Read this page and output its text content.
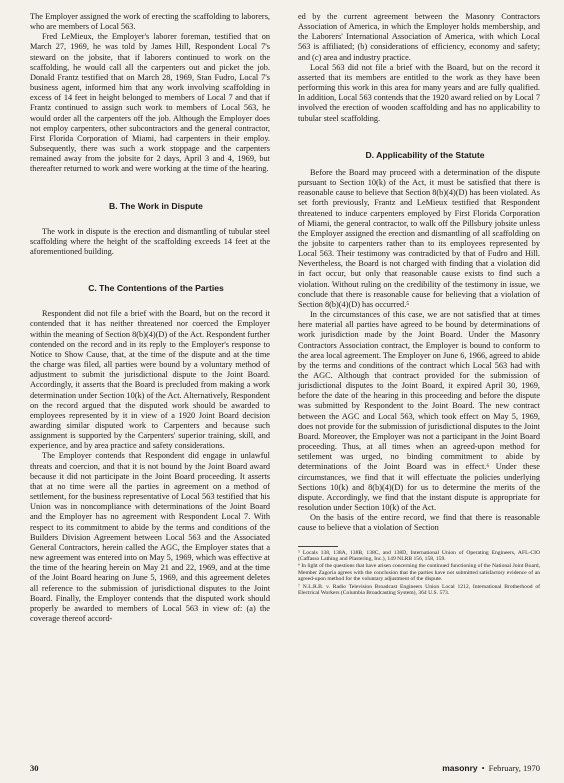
The Employer assigned the work of erecting the scaffolding to laborers, who are members of Local 563.

Fred LeMieux, the Employer's laborer foreman, testified that on March 27, 1969, he was told by James Hill, Respondent Local 7's steward on the jobsite, that if laborers continued to work on the scaffolding, he would call all the carpenters out and picket the job. Donald Frantz testified that on March 28, 1969, Stan Fudro, Local 7's business agent, informed him that any work involving scaffolding in excess of 14 feet in height belonged to members of Local 7 and that if Frantz continued to assign such work to members of Local 563, he would order all the carpenters off the job. Although the Employer does not employ carpenters, other subcontractors and the general contractor, First Florida Corporation of Miami, had carpenters in their employ. Subsequently, there was such a work stoppage and the carpenters remained away from the jobsite for 2 days, April 3 and 4, 1969, but thereafter returned to work and were working at the time of the hearing.

B. The Work in Dispute

The work in dispute is the erection and dismantling of tubular steel scaffolding where the height of the scaffolding exceeds 14 feet at the aforementioned building.

C. The Contentions of the Parties

Respondent did not file a brief with the Board, but on the record it contended that it has neither threatened nor coerced the Employer within the meaning of Section 8(b)(4)(D) of the Act. Respondent further contended on the record and in its reply to the Employer's response to Notice to Show Cause, that, at the time of the dispute and at the time the charge was filed, all parties were bound by a voluntary method of adjustment to submit the jurisdictional dispute to the Joint Board. Accordingly, it asserts that the Board is precluded from making a work determination under Section 10(k) of the Act. Alternatively, Respondent on the record argued that the disputed work should be awarded to employees represented by it in view of a 1920 Joint Board decision awarding similar disputed work to Carpenters and because such assignment is supported by the Carpenters' superior training, skill, and experience, and by area practice and safety considerations.

The Employer contends that Respondent did engage in unlawful threats and coercion, and that it is not bound by the Joint Board award because it did not participate in the Joint Board proceeding. It asserts that at no time were all the parties in agreement on a method of settlement, for the business representative of Local 563 testified that his Union was in noncompliance with determinations of the Joint Board and the Employer has no agreement with Respondent Local 7. With respect to its commitment to abide by the terms and conditions of the Builders Division Agreement between Local 563 and the Associated General Contractors, herein called the AGC, the Employer states that a new agreement was entered into on May 5, 1969, which was effective at the time of the hearing herein on May 21 and 22, 1969, and at the time of the Joint Board hearing on June 5, 1969, and this agreement deletes all reference to the submission of jurisdictional disputes to the Joint Board. Finally, the Employer contends that the disputed work should properly be awarded to members of Local 563 in view of: (a) the coverage thereof accord-

ed by the current agreement between the Masonry Contractors Association of America, in which the Employer holds membership, and the Laborers' International Association of America, with which Local 563 is affiliated; (b) considerations of efficiency, economy and safety; and (c) area and industry practice.

Local 563 did not file a brief with the Board, but on the record it asserted that its members are entitled to the work as they have been performing this work in this area for many years and are fully qualified. In addition, Local 563 contends that the 1920 award relied on by Local 7 involved the erection of wooden scaffolding and has no applicability to tubular steel scaffolding.

D. Applicability of the Statute

Before the Board may proceed with a determination of the dispute pursuant to Section 10(k) of the Act, it must be satisfied that there is reasonable cause to believe that Section 8(b)(4)(D) has been violated. As set forth previously, Frantz and LeMieux testified that Respondent threatened to induce carpenters employed by First Florida Corporation of Miami, the general contractor, to walk off the Pillsbury jobsite unless the Employer assigned the erection and dismantling of all scaffolding on the jobsite to carpenters rather than to its employees represented by Local 563. Their testimony was contradicted by that of Fudro and Hill. Nevertheless, the Board is not charged with finding that a violation did in fact occur, but only that reasonable cause exists to find such a violation. Without ruling on the credibility of the testimony in issue, we conclude that there is reasonable cause for believing that a violation of Section 8(b)(4)(D) has occurred.⁵

In the circumstances of this case, we are not satisfied that at times here material all parties have agreed to be bound by determinations of work jurisdiction made by the Joint Board. Under the Masonry Contractors Association contract, the Employer is bound to conform to the area local agreement. The Employer on June 6, 1966, agreed to abide by the terms and conditions of the contract which Local 563 had with the AGC. Although that contract provided for the submission of jurisdictional disputes to the Joint Board, it expired April 30, 1969, before the date of the hearing in this proceeding and before the dispute was submitted by Respondent to the Joint Board. The new contract between the AGC and Local 563, which took effect on May 5, 1969, does not provide for the submission of jurisdictional disputes to the Joint Board. Moreover, the Employer was not a participant in the Joint Board proceeding. Thus, at all times when an agreed-upon method for settlement was urged, no binding commitment to abide by determinations of the Joint Board was in effect.⁶ Under these circumstances, we find that it will effectuate the policies underlying Sections 10(k) and 8(b)(4)(D) for us to determine the merits of the dispute. Accordingly, we find that the instant dispute is appropriate for resolution under Section 10(k) of the Act.

On the basis of the entire record, we find that there is reasonable cause to believe that a violation of Section

⁵ Locals 138, 138A, 138B, 138C, and 138D, International Union of Operating Engineers, AFL-CIO (Caffasso Lathing and Plastering, Inc.), 149 NLRB 156, 158, 159.

⁶ In light of the questions that have arisen concerning the continued functioning of the National Joint Board, Member Zagoria agrees with the conclusion that the parties have not submitted satisfactory evidence of an agreed-upon method for the voluntary adjustment of the dispute.

⁷ N.L.R.B. v. Radio Television Broadcast Engineers Union Local 1212, International Brotherhood of Electrical Workers (Columbia Broadcasting System), 364 U.S. 573.

30	masonry • February, 1970
